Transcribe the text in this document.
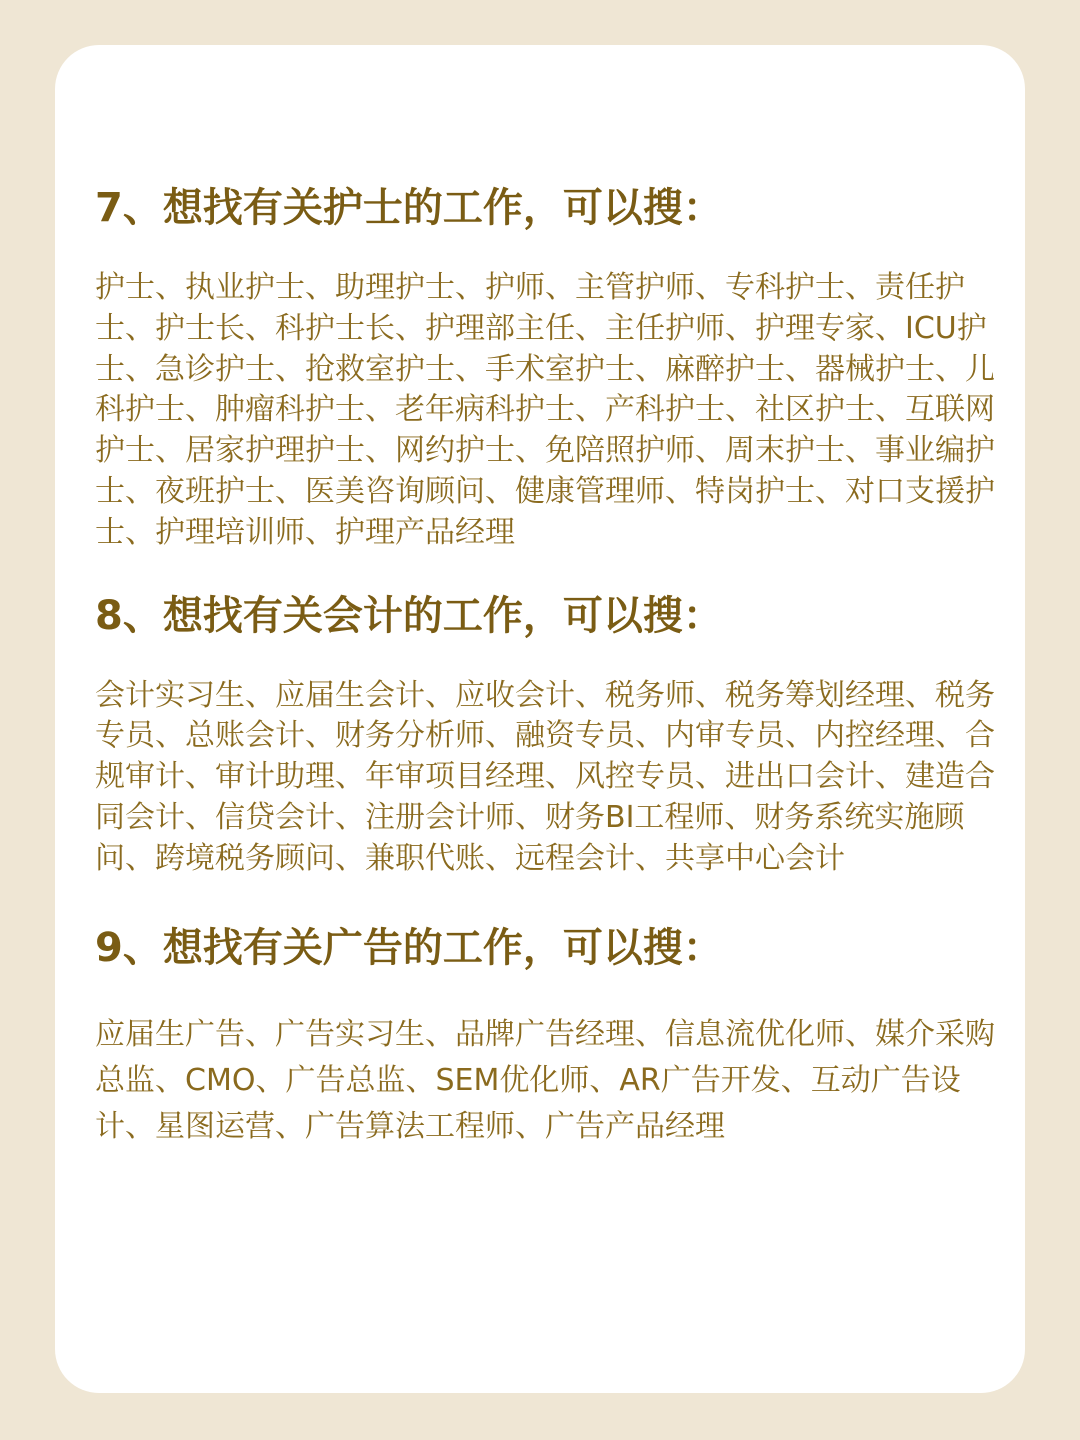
7、想找有关护士的工作，可以搜：

护士、执业护士、助理护士、护师、主管护师、专科护士、责任护士、护士长、科护士长、护理部主任、主任护师、护理专家、ICU护士、急诊护士、抢救室护士、手术室护士、麻醉护士、器械护士、儿科护士、肿瘤科护士、老年病科护士、产科护士、社区护士、互联网护士、居家护理护士、网约护士、免陪照护师、周末护士、事业编护士、夜班护士、医美咨询顾问、健康管理师、特岗护士、对口支援护士、护理培训师、护理产品经理

8、想找有关会计的工作，可以搜：

会计实习生、应届生会计、应收会计、税务师、税务筹划经理、税务专员、总账会计、财务分析师、融资专员、内审专员、内控经理、合规审计、审计助理、年审项目经理、风控专员、进出口会计、建造合同会计、信贷会计、注册会计师、财务BI工程师、财务系统实施顾问、跨境税务顾问、兼职代账、远程会计、共享中心会计

9、想找有关广告的工作，可以搜：

应届生广告、广告实习生、品牌广告经理、信息流优化师、媒介采购总监、CMO、广告总监、SEM优化师、AR广告开发、互动广告设计、星图运营、广告算法工程师、广告产品经理
